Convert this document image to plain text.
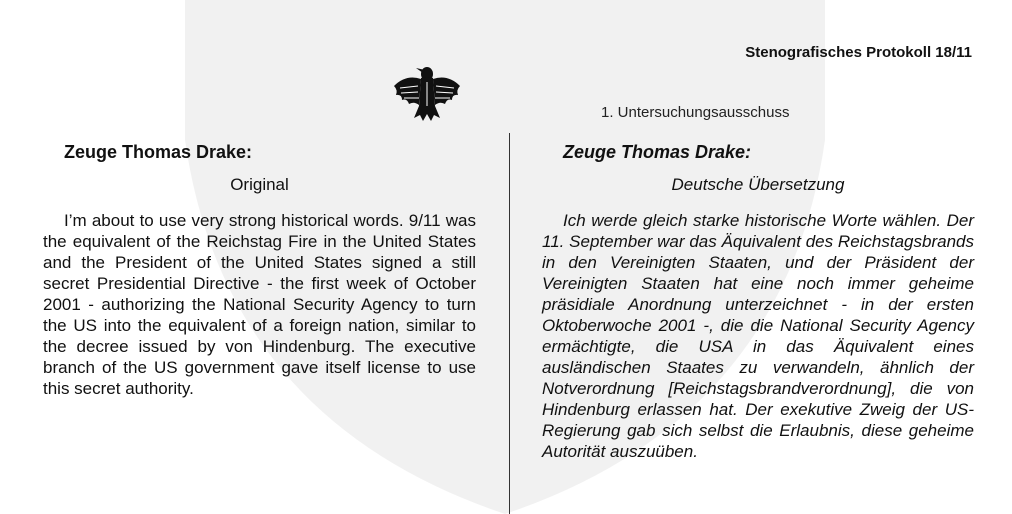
Stenografisches Protokoll 18/11
1. Untersuchungsausschuss
Zeuge Thomas Drake:
Original

I’m about to use very strong historical words. 9/11 was the equivalent of the Reichstag Fire in the United States and the President of the United States signed a still secret Presidential Directive - the first week of October 2001 - authorizing the National Security Agency to turn the US into the equivalent of a foreign nation, similar to the decree issued by von Hindenburg. The executive branch of the US government gave itself license to use this secret authority.

Zeuge Thomas Drake:
Deutsche Übersetzung

Ich werde gleich starke historische Worte wählen. Der 11. September war das Äquivalent des Reichstagsbrands in den Vereinigten Staaten, und der Präsident der Vereinigten Staaten hat eine noch immer geheime präsidiale Anordnung unterzeichnet - in der ersten Oktoberwoche 2001 -, die die National Security Agency ermächtigte, die USA in das Äquivalent eines ausländischen Staates zu verwandeln, ähnlich der Notverordnung [Reichstagsbrandverordnung], die von Hindenburg erlassen hat. Der exekutive Zweig der US-Regierung gab sich selbst die Erlaubnis, diese geheime Autorität auszuüben.
